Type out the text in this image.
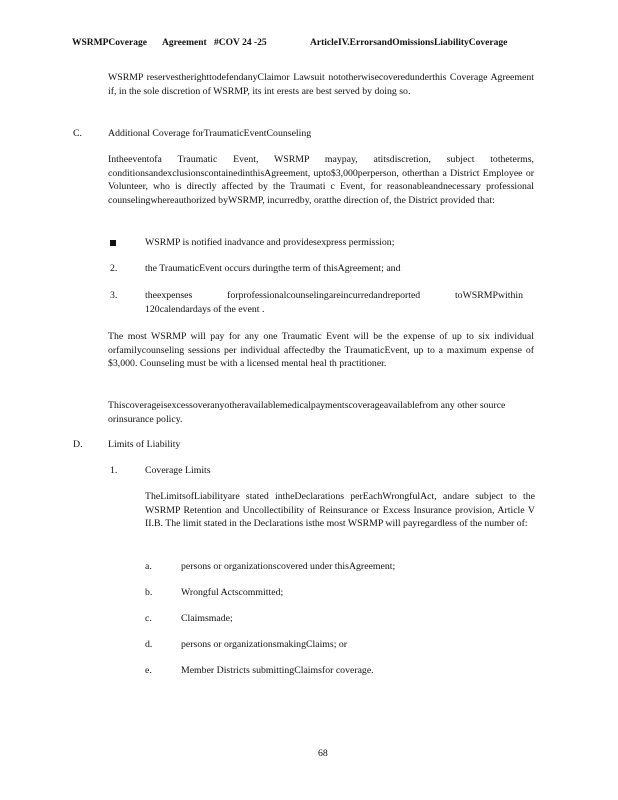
WSRMPCoverage	Agreement #COV 24 -25	ArticleIV.ErrorsandOmissionsLiabilityCoverage
WSRMP reservestherighttodefendanyClaimor Lawsuit nototherwisecoveredunderthis Coverage Agreement if, in the sole discretion of WSRMP, its int erests are best served by doing so.
C.	Additional Coverage forTraumaticEventCounseling
Intheeventofa Traumatic Event, WSRMP maypay, atitsdiscretion, subject totheterms, conditionsandexclusionscontainedinthisAgreement, upto$3,000perperson, otherthan a District Employee or Volunteer, who is directly affected by the Traumati c Event, for reasonableandnecessary professional counselingwhereauthorized byWSRMP, incurredby, oratthe direction of, the District provided that:
WSRMP is notified inadvance and providesexpress permission;
2.	the TraumaticEvent occurs duringthe term of thisAgreement; and
3.	theexpenses forprofessionalcounselingareincurredandreported toWSRMPwithin 120calendardays of the event .
The most WSRMP will pay for any one Traumatic Event will be the expense of up to six individual orfamilycounseling sessions per individual affectedby the TraumaticEvent, up to a maximum expense of $3,000. Counseling must be with a licensed mental heal th practitioner.
Thiscoverageisexcessoveranyotheravailablemedicalpaymentscoverageavailablefrom any other source orinsurance policy.
D.	Limits of Liability
1.	Coverage Limits
TheLimitsofLiabilityare stated intheDeclarations perEachWrongfulAct, andare subject to the WSRMP Retention and Uncollectibility of Reinsurance or Excess Insurance provision, Article V II.B. The limit stated in the Declarations isthe most WSRMP will payregardless of the number of:
a.	persons or organizationscovered under thisAgreement;
b.	Wrongful Actscommitted;
c.	Claimsmade;
d.	persons or organizationsmakingClaims; or
e.	Member Districts submittingClaimsfor coverage.
68
